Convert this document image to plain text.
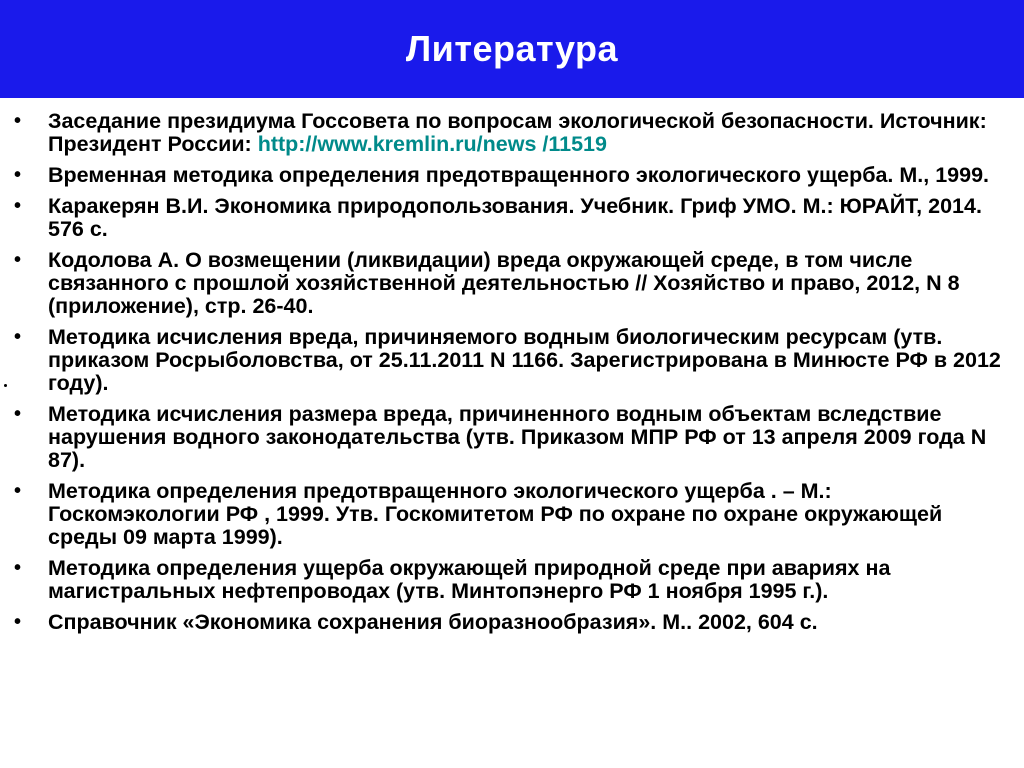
Литература
• Заседание президиума Госсовета по вопросам экологической безопасности. Источник: Президент России: http://www.kremlin.ru/news /11519
• Временная методика определения предотвращенного экологического ущерба. М., 1999.
• Каракерян В.И. Экономика природопользования. Учебник. Гриф УМО. М.: ЮРАЙТ, 2014. 576 с.
• Кодолова А. О возмещении (ликвидации) вреда окружающей среде, в том числе связанного с прошлой хозяйственной деятельностью // Хозяйство и право, 2012, N 8 (приложение), стр. 26-40.
• Методика исчисления вреда, причиняемого водным биологическим ресурсам (утв. приказом Росрыболовства, от 25.11.2011 N 1166. Зарегистрирована в Минюсте РФ в 2012 году).
• Методика исчисления размера вреда, причиненного водным объектам вследствие нарушения водного законодательства (утв. Приказом МПР РФ от 13 апреля 2009 года N 87).
• Методика определения предотвращенного экологического ущерба . – М.: Госкомэкологии РФ , 1999. Утв. Госкомитетом РФ по охране по охране окружающей среды 09 марта 1999).
• Методика определения ущерба окружающей природной среде при авариях на магистральных нефтепроводах (утв. Минтопэнерго РФ 1 ноября 1995 г.).
• Справочник «Экономика сохранения биоразнообразия». М.. 2002, 604 с.
